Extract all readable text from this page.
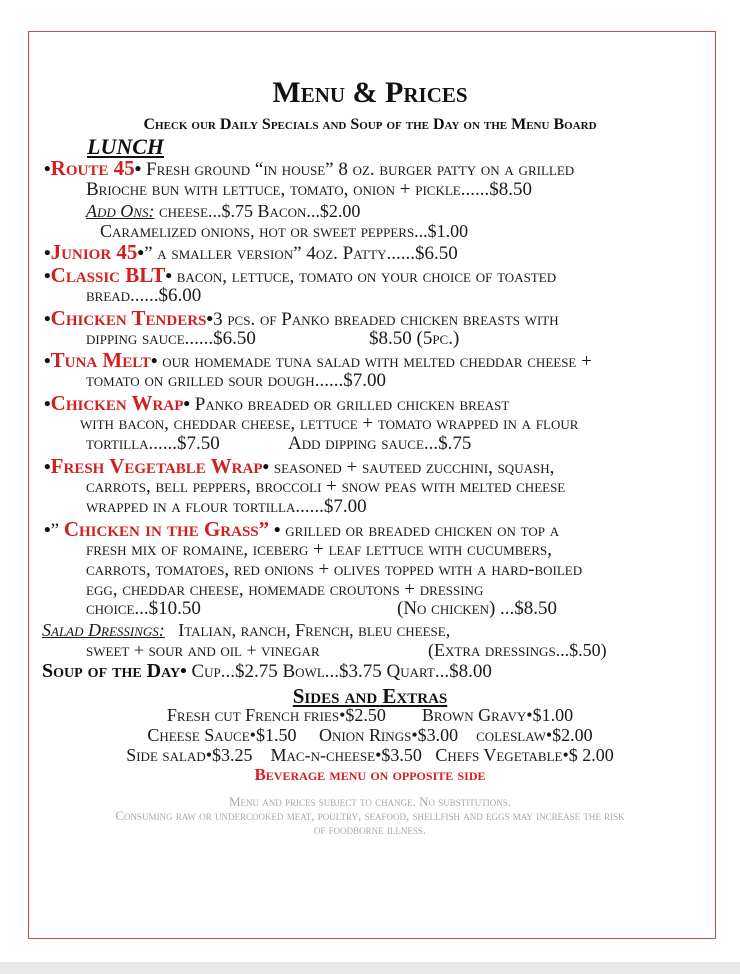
Menu & Prices
Check our Daily Specials and Soup of the Day on the Menu Board
LUNCH
•Route 45• Fresh ground “in house” 8 oz. burger patty on a grilled
Brioche bun with lettuce, tomato, onion + pickle......$8.50
Add Ons: cheese...$.75 Bacon...$2.00
Caramelized onions, hot or sweet peppers...$1.00
•Junior 45•” a smaller version” 4oz. Patty......$6.50
•Classic BLT• bacon, lettuce, tomato on your choice of toasted
bread......$6.00
•Chicken Tenders•3 pcs. of Panko breaded chicken breasts with
dipping sauce......$6.50	$8.50 (5pc.)
•Tuna Melt• our homemade tuna salad with melted cheddar cheese +
tomato on grilled sour dough......$7.00
•Chicken Wrap• Panko breaded or grilled chicken breast
with bacon, cheddar cheese, lettuce + tomato wrapped in a flour
tortilla......$7.50	Add dipping sauce...$.75
•Fresh Vegetable Wrap• seasoned + sauteed zucchini, squash,
carrots, bell peppers, broccoli + snow peas with melted cheese
wrapped in a flour tortilla......$7.00
•” Chicken in the Grass” • grilled or breaded chicken on top a
fresh mix of romaine, iceberg + leaf lettuce with cucumbers,
carrots, tomatoes, red onions + olives topped with a hard-boiled
egg, cheddar cheese, homemade croutons + dressing
choice...$10.50	(No chicken) ...$8.50
Salad Dressings: Italian, ranch, French, bleu cheese,
sweet + sour and oil + vinegar	(Extra dressings...$.50)
Soup of the Day• Cup...$2.75 Bowl...$3.75 Quart...$8.00
Sides and Extras
Fresh cut French fries•$2.50 Brown Gravy•$1.00
Cheese Sauce•$1.50 Onion Rings•$3.00 coleslaw•$2.00
Side salad•$3.25 Mac-n-cheese•$3.50 Chefs Vegetable•$ 2.00
Beverage menu on opposite side
Menu and prices subject to change. No substitutions.
Consuming raw or undercooked meat, poultry, seafood, shellfish and eggs may increase the risk
of foodborne illness.
